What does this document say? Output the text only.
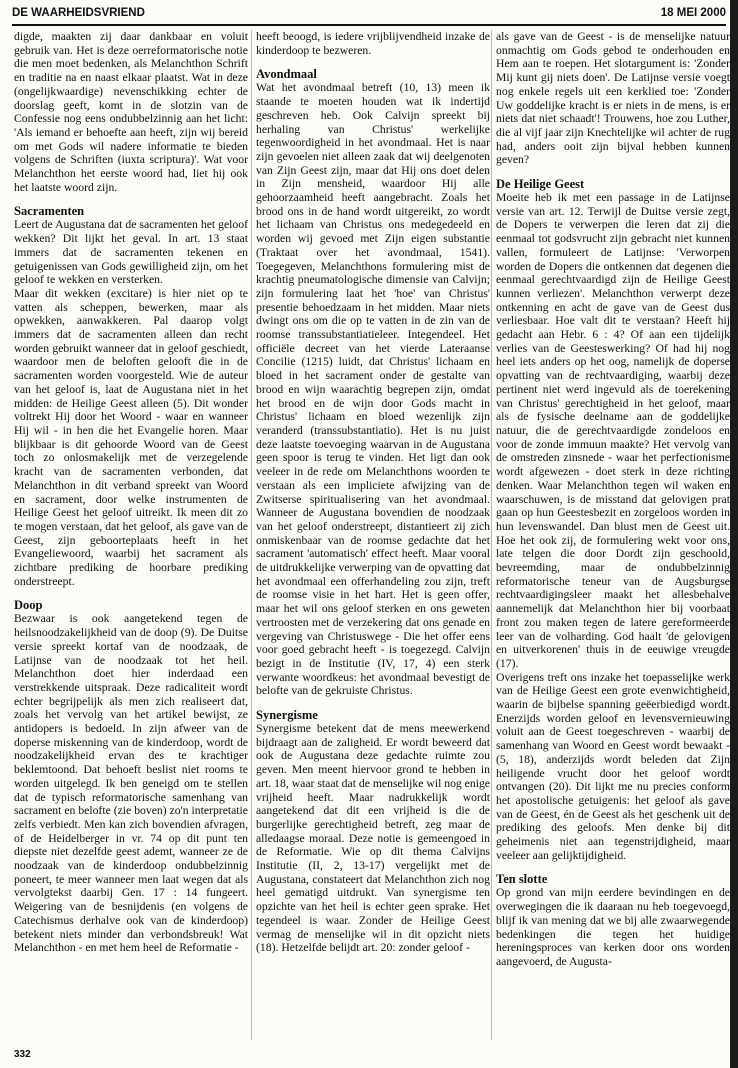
DE WAARHEIDSVRIEND	18 MEI 2000

digde, maakten zij daar dankbaar en voluit gebruik van. Het is deze oerreformatorische notie die men moet bedenken, als Melanchthon Schrift en traditie na en naast elkaar plaatst. Wat in deze (ongelijkwaardige) nevenschikking echter de doorslag geeft, komt in de slotzin van de Confessie nog eens ondubbelzinnig aan het licht: 'Als iemand er behoefte aan heeft, zijn wij bereid om met Gods wil nadere informatie te bieden volgens de Schriften (iuxta scriptura)'. Wat voor Melanchthon het eerste woord had, liet hij ook het laatste woord zijn.

Sacramenten

Leert de Augustana dat de sacramenten het geloof wekken? Dit lijkt het geval. In art. 13 staat immers dat de sacramenten tekenen en getuigenissen van Gods gewilligheid zijn, om het geloof te wekken en versterken.

Maar dit wekken (excitare) is hier niet op te vatten als scheppen, bewerken, maar als opwekken, aanwakkeren. Pal daarop volgt immers dat de sacramenten alleen dan recht worden gebruikt wanneer dat in geloof geschiedt, waardoor men de beloften gelooft die in de sacramenten worden voorgesteld. Wie de auteur van het geloof is, laat de Augustana niet in het midden: de Heilige Geest alleen (5). Dit wonder voltrekt Hij door het Woord - waar en wanneer Hij wil - in hen die het Evangelie horen. Maar blijkbaar is dit gehoorde Woord van de Geest toch zo onlosmakelijk met de verzegelende kracht van de sacramenten verbonden, dat Melanchthon in dit verband spreekt van Woord en sacrament, door welke instrumenten de Heilige Geest het geloof uitreikt. Ik meen dit zo te mogen verstaan, dat het geloof, als gave van de Geest, zijn geboorteplaats heeft in het Evangeliewoord, waarbij het sacrament als zichtbare prediking de hoorbare prediking onderstreept.

Doop

Bezwaar is ook aangetekend tegen de heilsnoodzakelijkheid van de doop (9). De Duitse versie spreekt kortaf van de noodzaak, de Latijnse van de noodzaak tot het heil. Melanchthon doet hier inderdaad een verstrekkende uitspraak. Deze radicaliteit wordt echter begrijpelijk als men zich realiseert dat, zoals het vervolg van het artikel bewijst, ze antidopers is bedoeld. In zijn afweer van de doperse miskenning van de kinderdoop, wordt de noodzakelijkheid ervan des te krachtiger beklemtoond. Dat behoeft beslist niet rooms te worden uitgelegd. Ik ben geneigd om te stellen dat de typisch reformatorische samenhang van sacrament en belofte (zie boven) zo'n interpretatie zelfs verbiedt. Men kan zich bovendien afvragen, of de Heidelberger in vr. 74 op dit punt ten diepste niet dezelfde geest ademt, wanneer ze de noodzaak van de kinderdoop ondubbelzinnig poneert, te meer wanneer men laat wegen dat als vervolgtekst daarbij Gen. 17 : 14 fungeert. Weigering van de besnijdenis (en volgens de Catechismus derhalve ook van de kinderdoop) betekent niets minder dan verbondsbreuk! Wat Melanchthon - en met hem heel de Reformatie -

heeft beoogd, is iedere vrijblijvendheid inzake de kinderdoop te bezweren.

Avondmaal

Wat het avondmaal betreft (10, 13) meen ik staande te moeten houden wat ik indertijd geschreven heb. Ook Calvijn spreekt bij herhaling van Christus' werkelijke tegenwoordigheid in het avondmaal. Het is naar zijn gevoelen niet alleen zaak dat wij deelgenoten van Zijn Geest zijn, maar dat Hij ons doet delen in Zijn mensheid, waardoor Hij alle gehoorzaamheid heeft aangebracht. Zoals het brood ons in de hand wordt uitgereikt, zo wordt het lichaam van Christus ons medegedeeld en worden wij gevoed met Zijn eigen substantie (Traktaat over het avondmaal, 1541). Toegegeven, Melanchthons formulering mist de krachtig pneumatologische dimensie van Calvijn; zijn formulering laat het 'hoe' van Christus' presentie behoedzaam in het midden. Maar niets dwingt ons om die op te vatten in de zin van de roomse transsubstantiatieleer. Integendeel. Het officiële decreet van het vierde Lateraanse Concilie (1215) luidt, dat Christus' lichaam en bloed in het sacrament onder de gestalte van brood en wijn waarachtig begrepen zijn, omdat het brood en de wijn door Gods macht in Christus' lichaam en bloed wezenlijk zijn veranderd (transsubstantiatio). Het is nu juist deze laatste toevoeging waarvan in de Augustana geen spoor is terug te vinden. Het ligt dan ook veeleer in de rede om Melanchthons woorden te verstaan als een impliciete afwijzing van de Zwitserse spiritualisering van het avondmaal. Wanneer de Augustana bovendien de noodzaak van het geloof onderstreept, distantieert zij zich onmiskenbaar van de roomse gedachte dat het sacrament 'automatisch' effect heeft. Maar vooral de uitdrukkelijke verwerping van de opvatting dat het avondmaal een offerhandeling zou zijn, treft de roomse visie in het hart. Het is geen offer, maar het wil ons geloof sterken en ons geweten vertroosten met de verzekering dat ons genade en vergeving van Christuswege - Die het offer eens voor goed gebracht heeft - is toegezegd. Calvijn bezigt in de Institutie (IV, 17, 4) een sterk verwante woordkeus: het avondmaal bevestigt de belofte van de gekruiste Christus.

Synergisme

Synergisme betekent dat de mens meewerkend bijdraagt aan de zaligheid. Er wordt beweerd dat ook de Augustana deze gedachte ruimte zou geven. Men meent hiervoor grond te hebben in art. 18, waar staat dat de menselijke wil nog enige vrijheid heeft. Maar nadrukkelijk wordt aangetekend dat dit een vrijheid is die de burgerlijke gerechtigheid betreft, zeg maar de alledaagse moraal. Deze notie is gemeengoed in de Reformatie. Wie op dit thema Calvijns Institutie (II, 2, 13-17) vergelijkt met de Augustana, constateert dat Melanchthon zich nog heel gematigd uitdrukt. Van synergisme ten opzichte van het heil is echter geen sprake. Het tegendeel is waar. Zonder de Heilige Geest vermag de menselijke wil in dit opzicht niets (18). Hetzelfde belijdt art. 20: zonder geloof -

als gave van de Geest - is de menselijke natuur onmachtig om Gods gebod te onderhouden en Hem aan te roepen. Het slotargument is: 'Zonder Mij kunt gij niets doen'. De Latijnse versie voegt nog enkele regels uit een kerklied toe: 'Zonder Uw goddelijke kracht is er niets in de mens, is er niets dat niet schaadt'! Trouwens, hoe zou Luther, die al vijf jaar zijn Knechtelijke wil achter de rug had, anders ooit zijn bijval hebben kunnen geven?

De Heilige Geest

Moeite heb ik met een passage in de Latijnse versie van art. 12. Terwijl de Duitse versie zegt, de Dopers te verwerpen die leren dat zij die eenmaal tot godsvrucht zijn gebracht niet kunnen vallen, formuleert de Latijnse: 'Verworpen worden de Dopers die ontkennen dat degenen die eenmaal gerechtvaardigd zijn de Heilige Geest kunnen verliezen'. Melanchthon verwerpt deze ontkenning en acht de gave van de Geest dus verliesbaar. Hoe valt dit te verstaan? Heeft hij gedacht aan Hebr. 6 : 4? Of aan een tijdelijk verlies van de Geesteswerking? Of had hij nog heel iets anders op het oog, namelijk de doperse opvatting van de rechtvaardiging, waarbij deze pertinent niet werd ingevuld als de toerekening van Christus' gerechtigheid in het geloof, maar als de fysische deelname aan de goddelijke natuur, die de gerechtvaardigde zondeloos en voor de zonde immuun maakte? Het vervolg van de omstreden zinsnede - waar het perfectionisme wordt afgewezen - doet sterk in deze richting denken. Waar Melanchthon tegen wil waken en waarschuwen, is de misstand dat gelovigen prat gaan op hun Geestesbezit en zorgeloos worden in hun levenswandel. Dan blust men de Geest uit. Hoe het ook zij, de formulering wekt voor ons, late telgen die door Dordt zijn geschoold, bevreemding, maar de ondubbelzinnig reformatorische teneur van de Augsburgse rechtvaardigingsleer maakt het allesbehalve aannemelijk dat Melanchthon hier bij voorbaat front zou maken tegen de latere gereformeerde leer van de volharding. God haalt 'de gelovigen en uitverkorenen' thuis in de eeuwige vreugde (17).

Overigens treft ons inzake het toepasselijke werk van de Heilige Geest een grote evenwichtigheid, waarin de bijbelse spanning geëerbiedigd wordt. Enerzijds worden geloof en levensvernieuwing voluit aan de Geest toegeschreven - waarbij de samenhang van Woord en Geest wordt bewaakt - (5, 18), anderzijds wordt beleden dat Zijn heiligende vrucht door het geloof wordt ontvangen (20). Dit lijkt me nu precies conform het apostolische getuigenis: het geloof als gave van de Geest, én de Geest als het geschenk uit de prediking des geloofs. Men denke bij dit geheimenis niet aan tegenstrijdigheid, maar veeleer aan gelijktijdigheid.

Ten slotte

Op grond van mijn eerdere bevindingen en de overwegingen die ik daaraan nu heb toegevoegd, blijf ik van mening dat we bij alle zwaarwegende bedenkingen die tegen het huidige hereningsproces van kerken door ons worden aangevoerd, de Augusta-

332
